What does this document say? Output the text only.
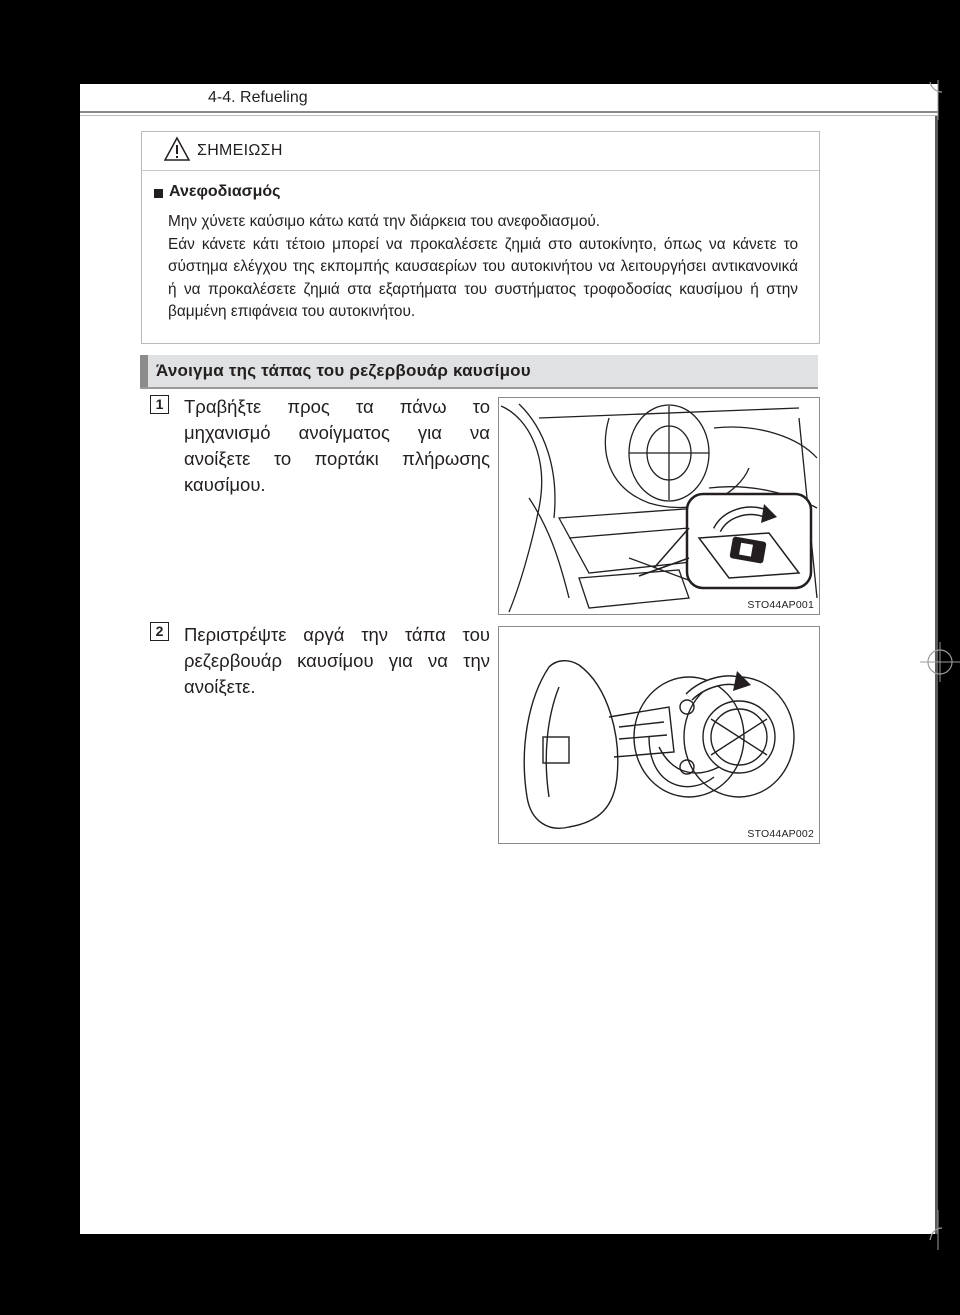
4-4. Refueling
ΣΗΜΕΙΩΣΗ
Ανεφοδιασμός

Μην χύνετε καύσιμο κάτω κατά την διάρκεια του ανεφοδιασμού.

Εάν κάνετε κάτι τέτοιο μπορεί να προκαλέσετε ζημιά στο αυτοκίνητο, όπως να κάνετε το σύστημα ελέγχου της εκπομπής καυσαερίων του αυτοκινήτου να λειτουργήσει αντικανονικά ή να προκαλέσετε ζημιά στα εξαρτήματα του συστήματος τροφοδοσίας καυσίμου ή στην βαμμένη επιφάνεια του αυτοκινήτου.

Άνοιγμα της τάπας του ρεζερβουάρ καυσίμου
1	Τραβήξτε προς τα πάνω το μηχανισμό ανοίγματος για να ανοίξετε το πορτάκι πλήρωσης καυσίμου.
STO44AP001
2	Περιστρέψτε αργά την τάπα του ρεζερβουάρ καυσίμου για να την ανοίξετε.
STO44AP002
